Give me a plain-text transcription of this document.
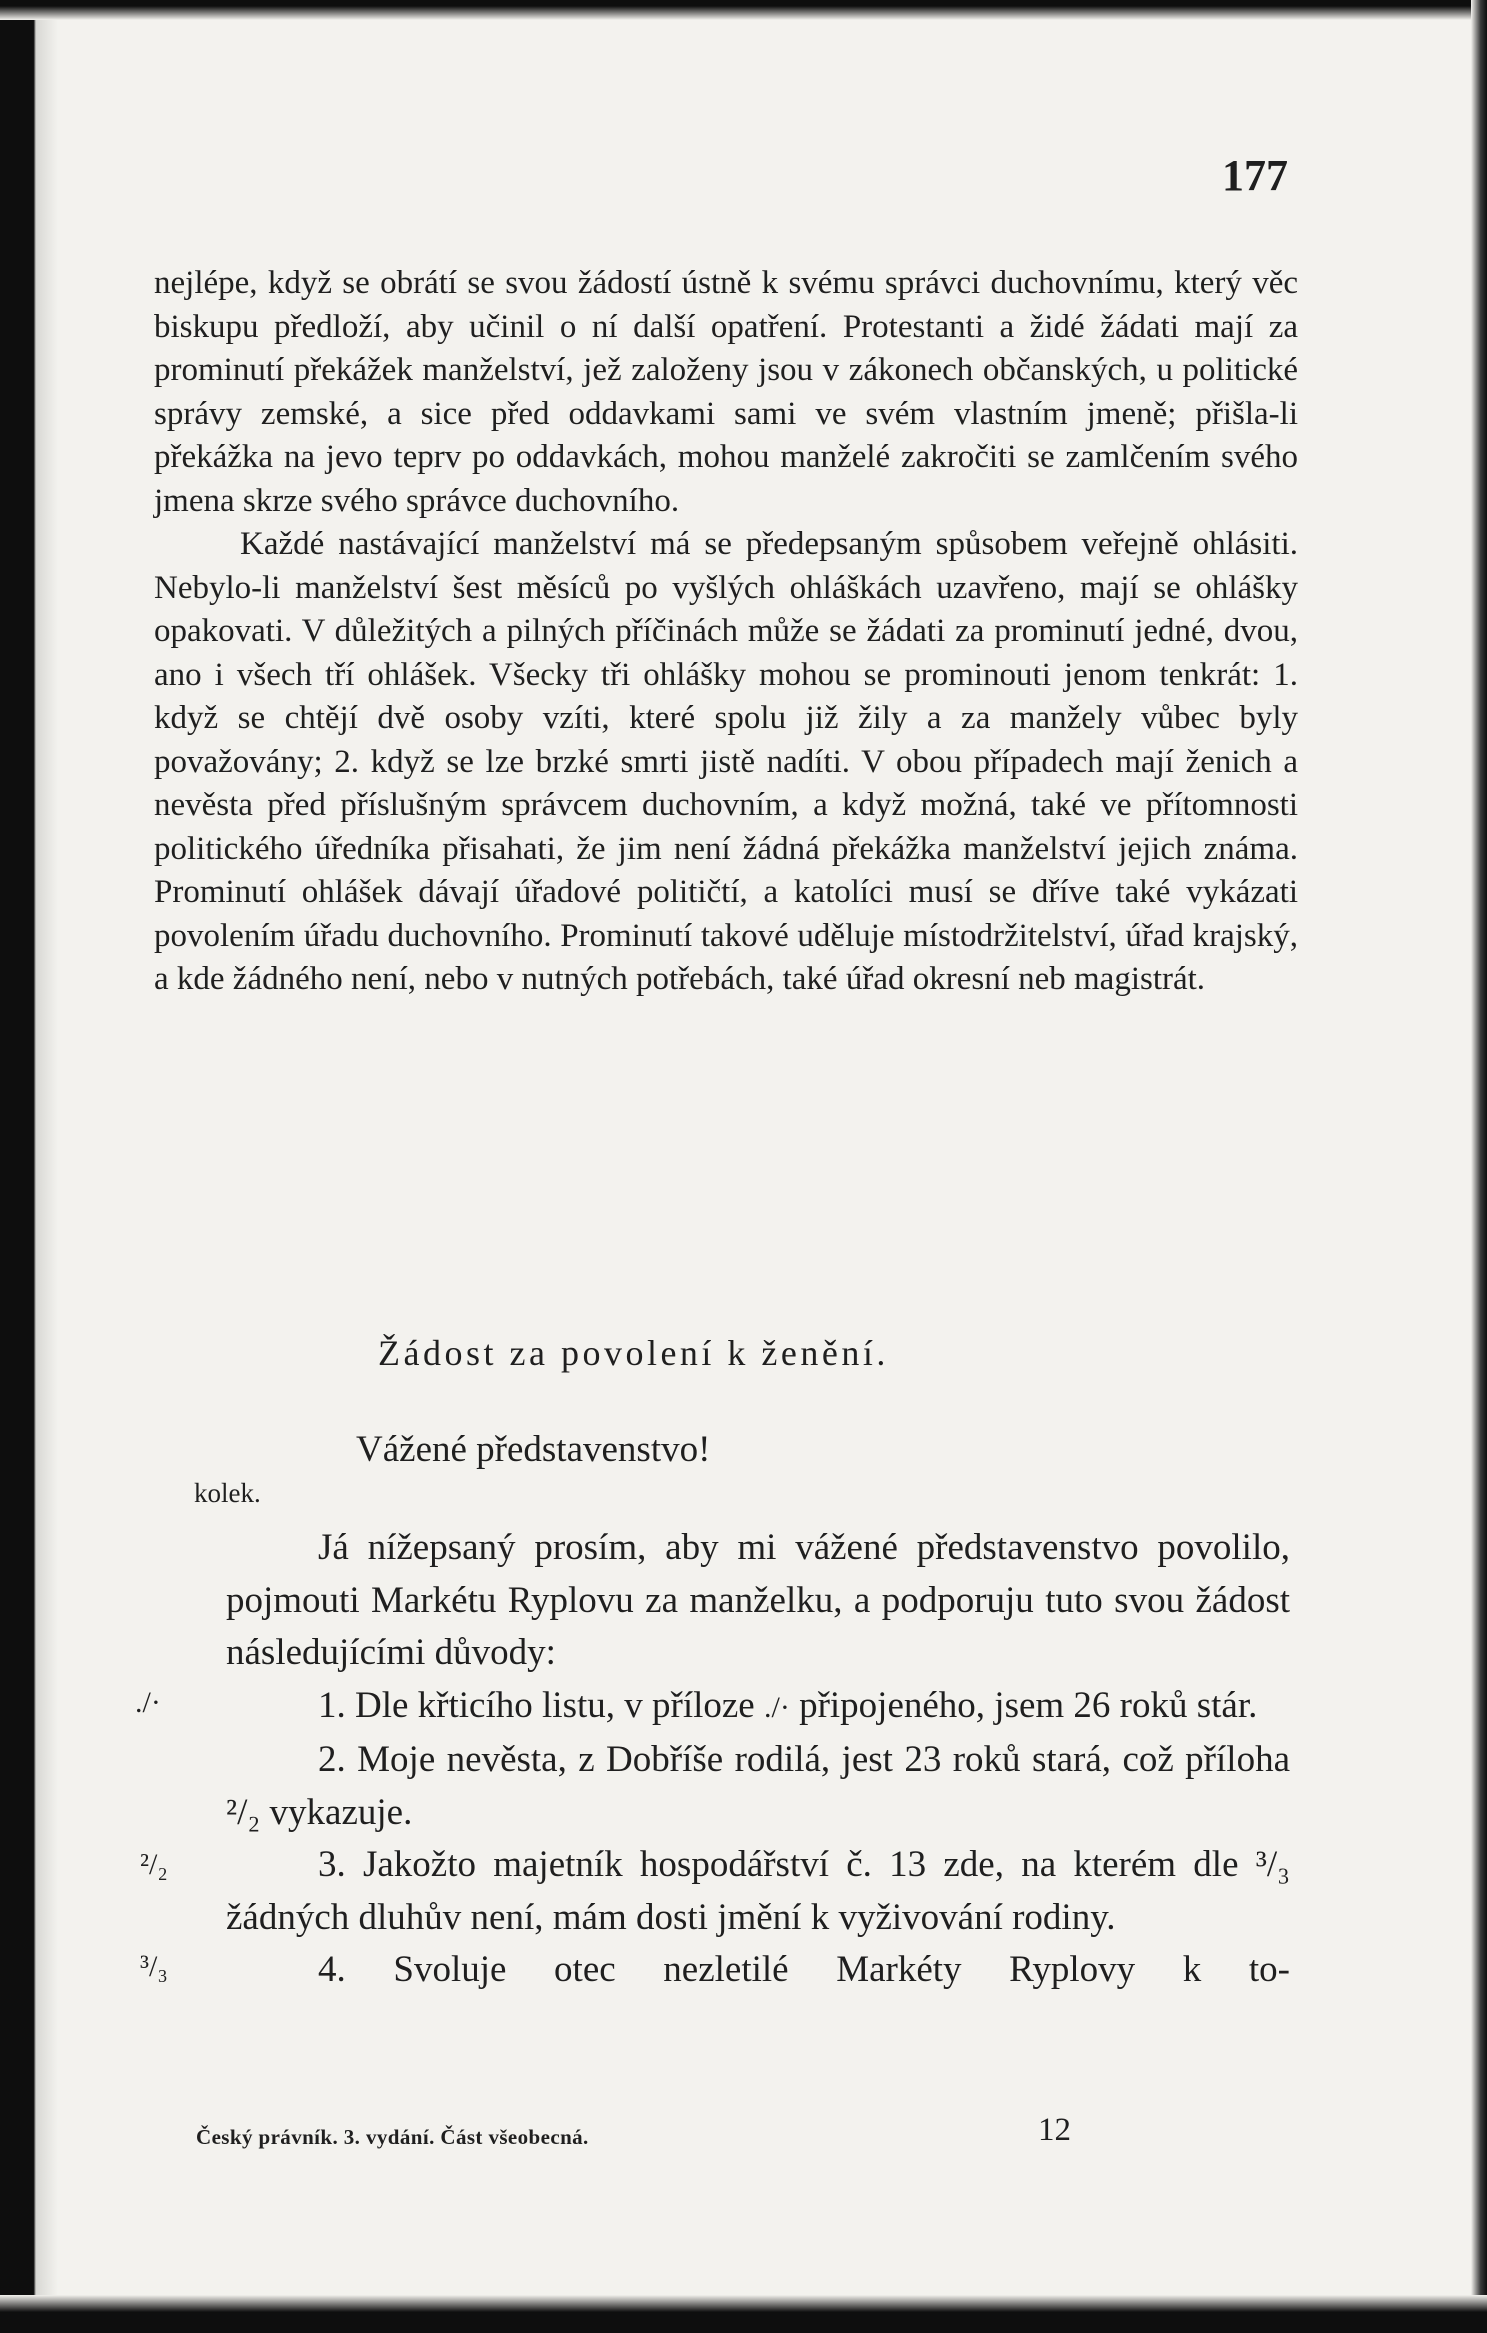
177

nejlépe, když se obrátí se svou žádostí ústně k svému správci duchovnímu, který věc biskupu předloží, aby učinil o ní další opatření. Protestanti a židé žádati mají za prominutí překážek manželství, jež založeny jsou v zákonech občanských, u politické správy zemské, a sice před oddavkami sami ve svém vlastním jmeně; přišla-li překážka na jevo teprv po oddavkách, mohou manželé zakročiti se zamlčením svého jmena skrze svého správce duchovního.

Každé nastávající manželství má se předepsaným spůsobem veřejně ohlásiti. Nebylo-li manželství šest měsíců po vyšlých ohláškách uzavřeno, mají se ohlášky opakovati. V důležitých a pilných příčinách může se žádati za prominutí jedné, dvou, ano i všech tří ohlášek. Všecky tři ohlášky mohou se prominouti jenom tenkrát: 1. když se chtějí dvě osoby vzíti, které spolu již žily a za manžely vůbec byly považovány; 2. když se lze brzké smrti jistě nadíti. V obou případech mají ženich a nevěsta před příslušným správcem duchovním, a když možná, také ve přítomnosti politického úředníka přisahati, že jim není žádná překážka manželství jejich známa. Prominutí ohlášek dávají úřadové političtí, a katolíci musí se dříve také vykázati povolením úřadu duchovního. Prominutí takové uděluje místodržitelství, úřad krajský, a kde žádného není, nebo v nutných potřebách, také úřad okresní neb magistrát.

Žádost za povolení k ženění.
Vážené představenstvo!
kolek.

Já nížepsaný prosím, aby mi vážené představenstvo povolilo, pojmouti Markétu Ryplovu za manželku, a podporuju tuto svou žádost následujícími důvody:

1. Dle křticího listu, v příloze ./· připojeného, jsem 26 roků stár.

2. Moje nevěsta, z Dobříše rodilá, jest 23 roků stará, což příloha ²/₂ vykazuje.

3. Jakožto majetník hospodářství č. 13 zde, na kterém dle ³/₃ žádných dluhův není, mám dosti jmění k vyživování rodiny.

4. Svoluje otec nezletilé Markéty Ryplovy k to-

./·
²/₂
³/₃
Český právník. 3. vydání. Část všeobecná.	12
